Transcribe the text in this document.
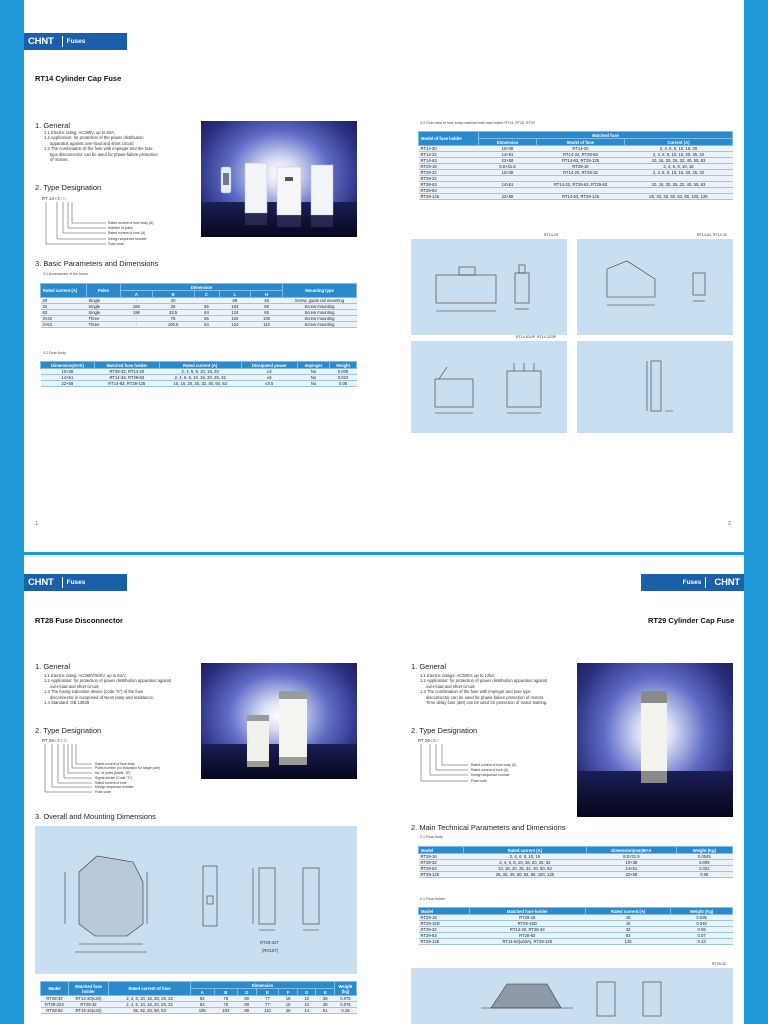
CHNT	Fuses
RT14 Cylinder Cap Fuse
1. General
1.1 Electric rating: AC380V, up to 63A;
1.2 Application: for protection of the power distribution
apparatus against over-load and short circuit;
1.3 The combination of the fuse with impinger and the fuse
type disconnector can be used for phase-failure protection
of motors.
2. Type Designation
RT 14-□/□ □
Rated current of fuse body (A)
Number of poles
Rated current of fuse (A)
Design sequence number
Fuse code
3. Basic Parameters and Dimensions
3.1 Accessories of the fuses
Rated current (A)	Poles	Dimension					Mounting type
		A	B	C	L	H	
20	Single	-	20	-	89	46	Screw, guide rail mounting
32	Single	166	26	55	104	56	Screw mounting
63	Single	196	33.5	64	124	65	Screw mounting
3×32	Three	-	76	55	104	100	Screw mounting
3×63	Three	-	100.5	64	124	110	Screw mounting
3.2 Fuse body
Dimension(G×K)	Matched fuse holder	Rated current (A)	Dissipated power	Impinger	Weight
10×38	RT28-32, RT14-20	2, 4, 6, 8, 10, 16, 20	≤3	No	0.009
14×51	RT14-32, RT28-63	2, 4, 6, 8, 10, 16, 20, 25, 32	≤5	No	0.022
22×58	RT14-63, RT28-125	10, 16, 20, 25, 32, 40, 50, 63	≤9.5	No	0.06
.1.
3.3 Over view of fuse body matched with fuse holder RT14, RT28, RT29
Model of fuse holder	Matched fuse		
	Dimension	Model of fuse	Current (A)
RT14-20	10×38	RT14-20	2, 4, 6, 8, 10, 16, 20
RT14-32	14×51	RT14-32, RT28-63	2, 4, 6, 8, 10, 16, 20, 25, 32
RT14-63	22×58	RT14-63, RT29-125	10, 16, 20, 25, 32, 40, 50, 63
RT29-16	8.5×31.5	RT29-16	2, 4, 6, 8, 10, 16
RT28-32	10×38	RT14-20, RT28-32	2, 4, 6, 8, 10, 16, 20, 25, 32
RT29-32			
RT28-63	14×51	RT14-32, RT28-63, RT29-63	10, 16, 20, 25, 32, 40, 50, 63
RT29-63			
RT29-125	22×58	RT14-63, RT29-125	25, 32, 40, 50, 63, 80, 100, 125
RT14-20	RT14-63, RT14-32
RT14-63/3P, RT14-32/3P
2.
CHNT	Fuses
RT28 Fuse Disconnector
1. General
1.1 Electric rating: AC380V/500V, up to 63A;
1.2 Application: for protection of power distribution apparatus against
over-load and short circuit;
1.3 The fusing indication device (code "X") of the fuse
disconnector is composed of Neon lamp and resistance;
1.4 Standard: GB 13539
2. Type Designation
RT 28-□/□□□
Rated current of fuse body
Poles number (no indication for single pole)
No. of poles (blank: 1P)
Signal device (Code "X")
Rated current of fuse
Design sequence number
Fuse code
3. Overall and Mounting Dimensions
RT28-32T
(RO15T)
Model	Matched fuse holder	Rated current of fuse	Dimension							Weight (kg)
			A	B	D	E	F	G	K	
RT28-32	RT14-20(≤20)	2, 4, 6, 10, 16, 20, 25, 32	82	78	80	77	18	10	38	0.075
RT28-32X	RT29-32	2, 4, 6, 10, 16, 20, 25, 32	82	78	80	77	18	10	38	0.075
RT28-63	RT14-32(≤32)	25, 32, 40, 50, 63	106	103	80	110	26	14	51	0.16
Fuses	CHNT
RT29 Cylinder Cap Fuse
1. General
1.1 Electric ratings: AC500V, up to 125A;
1.2 Application: for protection of power distribution apparatus against
over-load and short circuit;
1.3 The combination of the fuse with impinger and fuse type
disconnector can be used for phase-failure protection of motors.
Time delay fuse (aM) can be used for protection of motor starting.
2. Type Designation
RT 29-□/□
Rated current of fuse body (A)
Rated current of fuse (A)
Design sequence number
Fuse code
2. Main Technical Parameters and Dimensions
2.1 Fuse body
Model	Rated current (A)	Dimension(mm)B×A	Weight (Kg)
RT29-16	2, 4, 6, 8, 10, 16	8.5×31.5	0.0045
RT28-32	2, 4, 6, 8, 10, 16, 20, 25, 32	10×38	0.009
RT28-63	10, 16, 20, 25, 32, 40, 50, 63	14×51	0.022
RT29-125	25, 32, 40, 50, 63, 80, 100, 125	22×58	0.06
2.1 Fuse holder
Model	Matched fuse holder	Rated current (A)	Weight (Kg)
RT29-16	RT29-16	16	0.035
RT29-16D	RT29-16D	16	0.040
RT29-32	RT14-20, RT28-32	32	0.06
RT29-63	RT28-63	63	0.07
RT29-125	RT14-63(≤63A), RT29-125	125	0.13
RT29-32
